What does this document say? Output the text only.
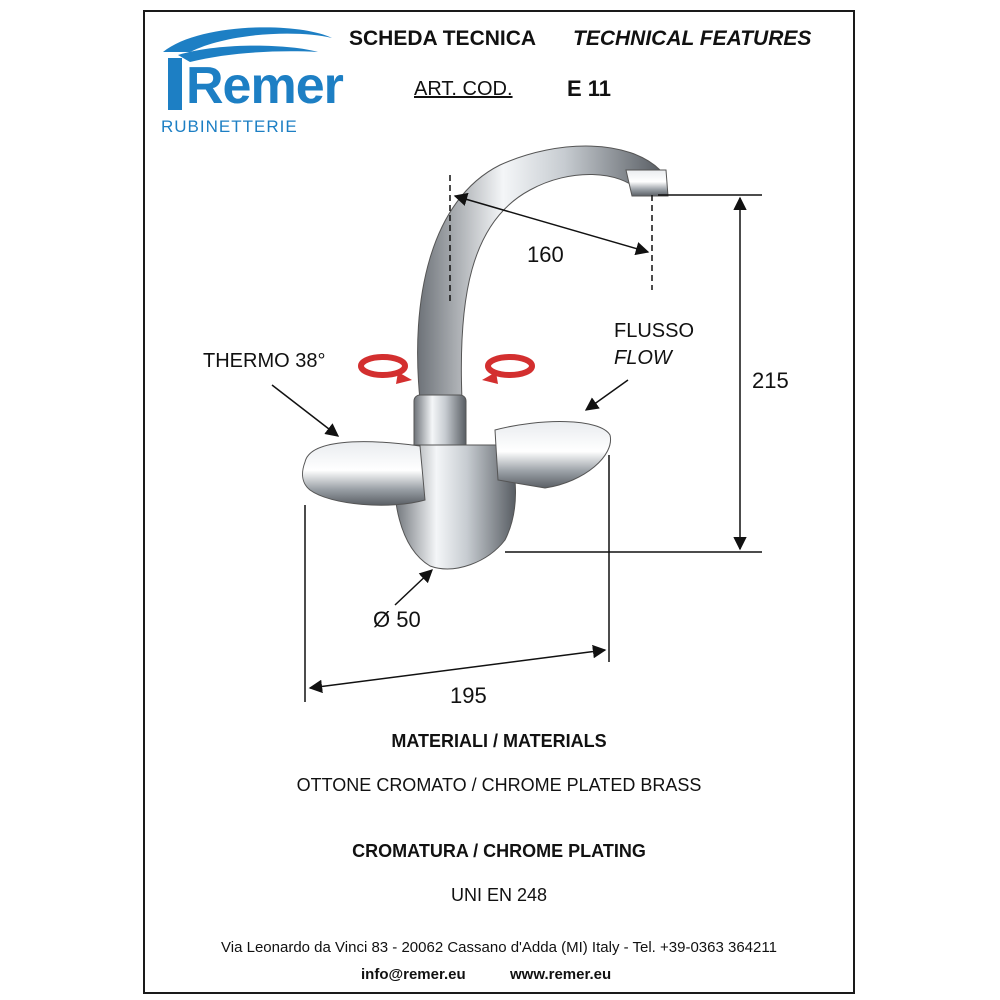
Remer
RUBINETTERIE
SCHEDA TECNICA TECHNICAL FEATURES
ART. COD. E 11
160
215
Ø 50
195
THERMO 38°
FLUSSO
FLOW
MATERIALI / MATERIALS
OTTONE CROMATO / CHROME PLATED BRASS
CROMATURA / CHROME PLATING
UNI EN 248
Via Leonardo da Vinci 83 - 20062 Cassano d'Adda (MI) Italy - Tel. +39-0363 364211
info@remer.eu	www.remer.eu
